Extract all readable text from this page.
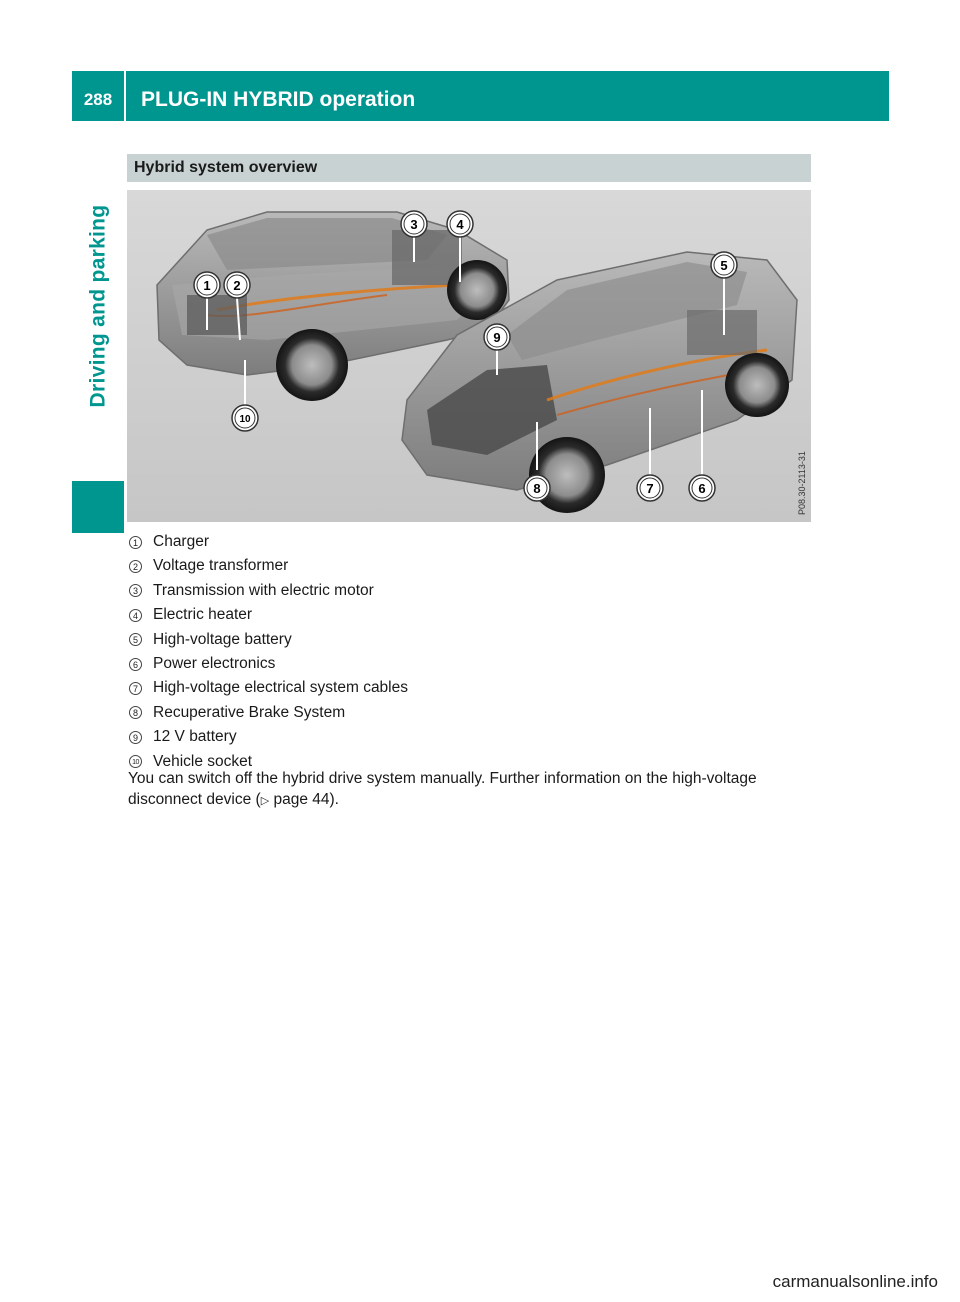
288	PLUG-IN HYBRID operation
Driving and parking
Hybrid system overview
1 2
3	4
5
6
7
8
9
10
P08.30-2113-31
1 Charger
2 Voltage transformer
3 Transmission with electric motor
4 Electric heater
5 High-voltage battery
6 Power electronics
7 High-voltage electrical system cables
8 Recuperative Brake System
9 12 V battery
10 Vehicle socket

You can switch off the hybrid drive system manually. Further information on the high-voltage disconnect device (▷ page 44).

carmanualsonline.info
